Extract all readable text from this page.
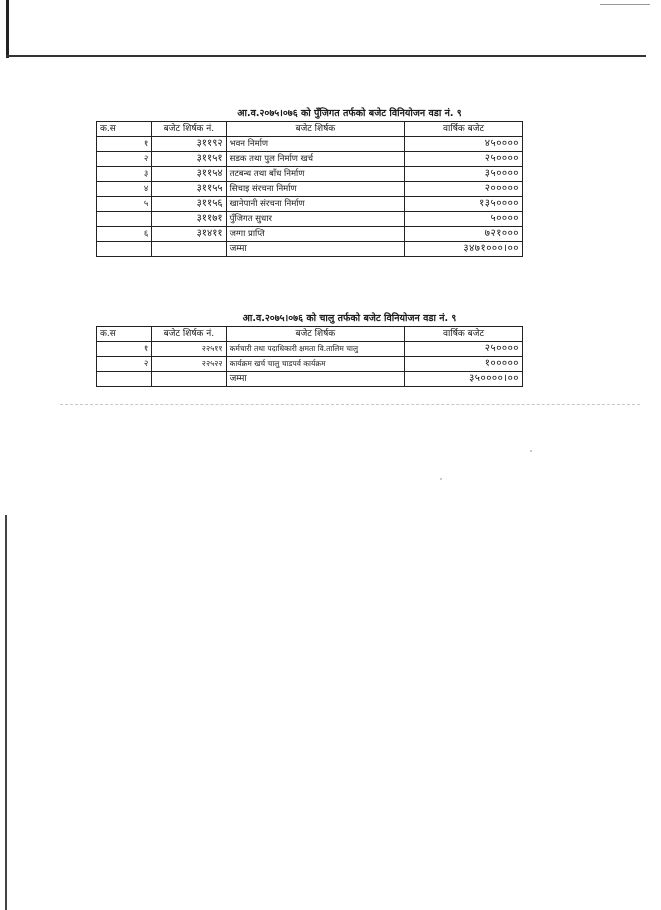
आ.व.२०७५।०७६ को पुँजिगत तर्फको बजेट विनियोजन वडा नं. ९
क.स	बजेट शिर्षक नं.	बजेट शिर्षक	वार्षिक बजेट
१	३११९२	भवन निर्माण	४५००००
२	३११५१	सडक तथा पुल निर्माण खर्च	२५००००
३	३११५४	तटबन्ध तथा बाँध निर्माण	३५००००
४	३११५५	सिचाइ संरचना निर्माण	२०००००
५	३११५६	खानेपानी संरचना निर्माण	१३५००००
	३११७१	पुँजिगत सुधार	५००००
६	३१४११	जग्गा प्राप्ति	७२१०००
		जम्मा	३४७१०००।००
आ.व.२०७५।०७६ को चालु तर्फको बजेट विनियोजन वडा नं. ९
क.स	बजेट शिर्षक नं.	बजेट शिर्षक	वार्षिक बजेट
१	२२५११	कर्मचारी तथा पदाधिकारी क्षमता वि.तालिम चालु	२५००००
२	२२५२२	कार्यक्रम खर्च चालु चाडपर्व कार्यक्रम	१०००००
		जम्मा	३५००००।००
